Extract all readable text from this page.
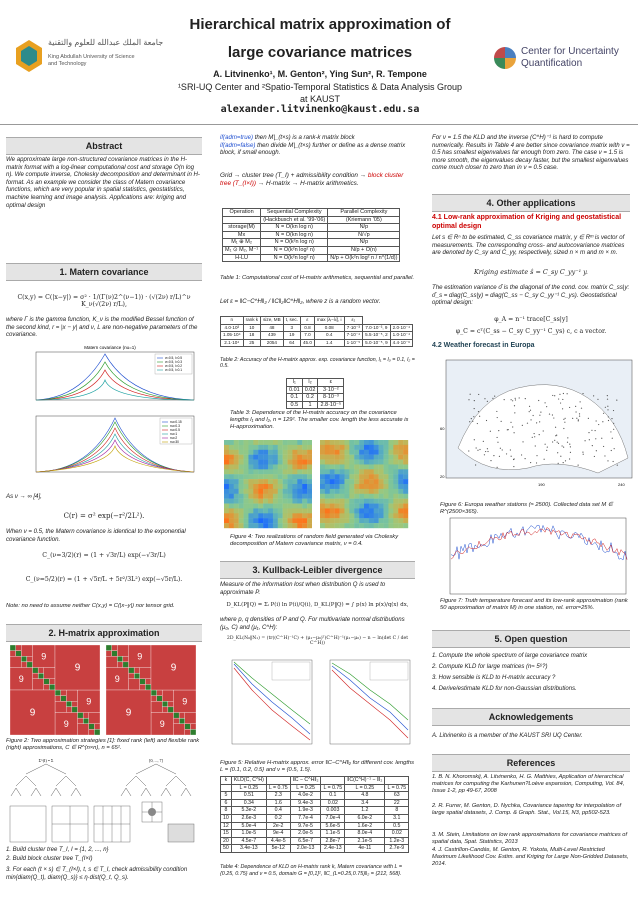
جامعة الملك عبدالله للعلوم والتقنية
King Abdullah University of Science and Technology
Hierarchical matrix approximation of
large covariance matrices
A. Litvinenko¹, M. Genton², Ying Sun², R. Tempone
¹SRI-UQ Center and ²Spatio-Temporal Statistics & Data Analysis Group
at KAUST
alexander.litvinenko@kaust.edu.sa
Center for Uncertainty
Quantification
Abstract
We approximate large non-structured covariance matrices in the H-matrix format with a log-linear computational cost and storage O(n log n). We compute inverse, Cholesky decomposition and determinant in H-format. As an example we consider the class of Matern covariance functions, which are very popular in spatial statistics, geostatistics, machine learning and image analysis. Applications are: kriging and optimal design
1. Matern covariance
C(x,y) = C(|x−y|) = σ² · 1/(Γ(ν)2^(ν−1)) · (√(2ν) r/L)^ν K_ν(√(2ν) r/L),
where Γ is the gamma function, K_ν is the modified Bessel function of the second kind, r = |x − y| and ν, L are non-negative parameters of the covariance.
Matern covariance (nu=1)
σ=0.5, l=0.5
σ=0.5, l=0.3
σ=0.5, l=0.2
σ=0.5, l=0.1
nu=0.15
nu=0.3
nu=0.5
nu=1
nu=2
nu=30
As ν → ∞ [4],
C(r) = σ² exp(−r²/2L²).
When ν = 0.5, the Matern covariance is identical to the exponential covariance function.
C_(ν=3/2)(r) = (1 + √3r/L) exp(−√3r/L)
C_(ν=5/2)(r) = (1 + √5r/L + 5r²/3L²) exp(−√5r/L).
Note: no need to assume neither C(x,y) = C(|x−y|) nor tensor grid.
2. H-matrix approximation
9
9
9
9
9
9
9
9
9
9
9
9
Figure 2: Two approximation strategies [1]: fixed rank (left) and flexible rank (right) approximations, C ∈ R^(n×n), n = 65².
Σ^(I) = Σ	[0, ..., 7]
1. Build cluster tree T_I, I = {1, 2, ..., n}
2. Build block cluster tree T_(I×I)
3. For each (t × s) ∈ T_(I×I), t, s ∈ T_I, check admissibility condition min{diam(Q_t), diam(Q_s)} ≤ η·dist(Q_t, Q_s).
if(adm=true) then M|_(t×s) is a rank-k matrix block
if(adm=false) then divide M|_(t×s) further or define as a dense matrix block, if small enough.
Grid → cluster tree (T_I) + admissibility condition → block cluster tree (T_(I×I)) → H-matrix → H-matrix arithmetics.
Operation	Sequential Complexity	Parallel Complexity
	(Hackbusch et al. '99-'06)	(Kriemann '05)
storage(M)	N = O(kn log n)	N/p
Mx	N = O(kn log n)	N/√p
M₁ ⊕ M₂	N = O(k²n log n)	N/p
M₁ ⊙ M₂, M⁻¹	N = O(k²n log² n)	N/p + O(n)
H-LU	N = O(k²n log² n)	N/p + O(k²n log² n / n^(1/d))
Table 1: Computational cost of H-matrix arithmetics, sequential and parallel.
Let ε = ‖C−C^H‖₂ / ‖C‖₂‖C^H‖₂, where z is a random vector.
n	rank k	size, MB	t, sec.	ε	max |λᵢ−λ̃ᵢ|, i	ε₂		
4.0·10³	10	48	3	0.8	0.08	7·10⁻³	7.0·10⁻³, 9	2.0·10⁻⁴
1.05·10⁴	18	439	19	7.0	0.4	7·10⁻⁴	5.5·10⁻⁵, 2	1.0·10⁻⁴
2.1·10⁴	25	2054	64	45.0	1.4	1·10⁻⁵	5.0·10⁻⁵, 9	4.4·10⁻⁶
Table 2: Accuracy of the H-matrix approx. exp. covariance function, l₁ = l₃ = 0.1, l₂ = 0.5.
l₁	l₂	ε
0.01	0.02	3·10⁻²
0.1	0.2	8·10⁻³
0.5	1	2.8·10⁻⁵
Table 3: Dependence of the H-matrix accuracy on the covariance lengths l₁ and l₂, n = 129². The smaller cov. length the less accurate is H-approximation.
Figure 4: Two realizations of random field generated via Cholesky decomposition of Matern covariance matrix, ν = 0.4.
3. Kullback-Leibler divergence
Measure of the information lost when distribution Q is used to approximate P.
D_KL(P‖Q) = Σᵢ P(i) ln P(i)/Q(i), D_KL(P‖Q) = ∫ p(x) ln p(x)/q(x) dx,
where p, q densities of P and Q. For multivariate normal distributions (μ₀, C) and (μ₁, C^H):
2D_KL(N₀‖N₁) = (tr((C^H)⁻¹C) + (μ₁−μ₀)ᵀ(C^H)⁻¹(μ₁−μ₀) − n − ln(det C / det C^H))
Figure 5: Relative H-matrix approx. error ‖C−C^H‖₂ for different cov. lengths L = {0.1, 0.2, 0.5} and ν = {0.5, 1.5}.
k	KLD(C, C^H)		‖C − C^H‖₂		‖C(C^H)⁻¹ − I‖₂	
	L = 0.25	L = 0.75	L = 0.25	L = 0.75	L = 0.25	L = 0.75
5	0.51	2.3	4.0e-2	0.1	4.8	63
6	0.34	1.6	9.4e-3	0.02	3.4	22
8	5.3e-2	0.4	1.9e-3	0.003	1.2	8
10	2.6e-3	0.2	7.7e-4	7.0e-4	6.0e-2	3.1
12	5.0e-4	2e-2	9.7e-5	5.6e-5	1.6e-2	0.5
15	1.0e-5	9e-4	2.0e-5	1.1e-5	8.0e-4	0.02
20	4.5e-7	4.4e-5	6.5e-7	2.8e-7	2.1e-5	1.2e-3
50	3.4e-13	5e-12	2.0e-13	2.4e-13	4e-11	2.7e-9
Table 4: Dependence of KLD on H-matrix rank k, Matern covariance with L = {0.25, 0.75} and ν = 0.5, domain G = [0,1]², ‖C_(L=0.25,0.75)‖₂ = {212, 568}.
For ν = 1.5 the KLD and the inverse (C^H)⁻¹ is hard to compute numerically. Results in Table 4 are better since covariance matrix with ν = 0.5 has smallest eigenvalues far enough from zero. The case ν = 1.5 is more smooth, the eigenvalues decay faster, but the smallest eigenvalues come much closer to zero than in ν = 0.5 case.
4. Other applications
4.1 Low-rank approximation of Kriging and geostatistical optimal design
Let s ∈ Rⁿ to be estimated, C_ss covariance matrix, y ∈ Rᵐ is vector of measurements. The corresponding cross- and autocovariance matrices are denoted by C_sy and C_yy, respectively, sized n × m and m × m.
Kriging estimate ŝ = C_sy C_yy⁻¹ y.
The estimation variance σ̂ is the diagonal of the cond. cov. matrix C_ss|y: σ̂_s = diag(C_ss|y) = diag(C_ss − C_sy C_yy⁻¹ C_ys). Geostatistical optimal design:
φ_A = n⁻¹ trace[C_ss|y]
φ_C = cᵀ(C_ss − C_sy C_yy⁻¹ C_ys) c, c a vector.
4.2 Weather forecast in Europa
60
20
190	240
Figure 6: Europa weather stations (≈ 2500). Collected data set M ∈ R^(2500×365).
Figure 7: Truth temperature forecast and its low-rank approximation (rank 50 approximation of matrix M) in one station, rel. error≈25%.
5. Open question
1. Compute the whole spectrum of large covariance matrix
2. Compute KLD for large matrices (n≈ 5⁶?)
3. How sensible is KLD to H-matrix accuracy ?
4. Derive/estimate KLD for non-Gaussian distributions.
Acknowledgements
A. Litvinenko is a member of the KAUST SRI UQ Center.
References
1. B. N. Khoromskij, A. Litvinenko, H. G. Matthies, Application of hierarchical matrices for computing the Karhunen?Loève expansion, Computing, Vol. 84, Issue 1-2, pp 49-67, 2008
2. R. Furrer, M. Genton, D. Nychka, Covariance tapering for interpolation of large spatial datasets, J. Comp. & Graph. Stat., Vol.15, N3, pp502-523.
3. M. Stein, Limitations on low rank approximations for covariance matrices of spatial data, Spat. Statistics, 2013
4. J. Castrillon-Candás, M. Genton, R. Yokota, Multi-Level Restricted Maximum Likelihood Cov. Estim. and Kriging for Large Non-Gridded Datasets, 2014.
